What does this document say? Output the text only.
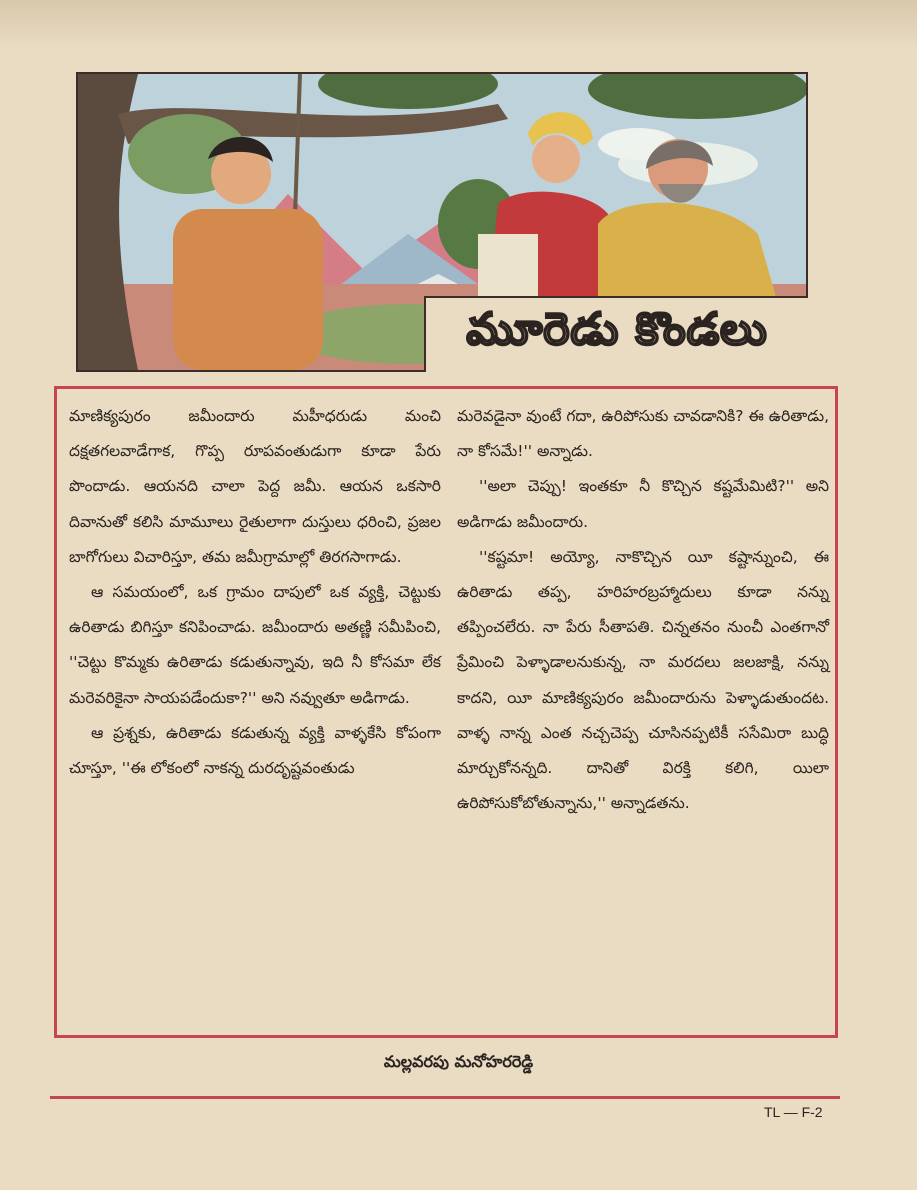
మూరెడు కొండలు

మాణిక్యపురం జమీందారు మహీధరుడు మంచి దక్షతగలవాడేగాక, గొప్ప రూపవంతుడుగా కూడా పేరు పొందాడు. ఆయనది చాలా పెద్ద జమీ. ఆయన ఒకసారి దివానుతో కలిసి మామూలు రైతులాగా దుస్తులు ధరించి, ప్రజల బాగోగులు విచారిస్తూ, తమ జమీగ్రామాల్లో తిరగసాగాడు.

ఆ సమయంలో, ఒక గ్రామం దాపులో ఒక వ్యక్తి, చెట్టుకు ఉరితాడు బిగిస్తూ కనిపించాడు. జమీందారు అతణ్ణి సమీపించి, ''చెట్టు కొమ్మకు ఉరితాడు కడుతున్నావు, ఇది నీ కోసమా లేక మరెవరికైనా సాయపడేందుకా?'' అని నవ్వుతూ అడిగాడు.

ఆ ప్రశ్నకు, ఉరితాడు కడుతున్న వ్యక్తి వాళ్ళకేసి కోపంగా చూస్తూ, ''ఈ లోకంలో నాకన్న దురదృష్టవంతుడు

మరెవడైనా వుంటే గదా, ఉరిపోసుకు చావడానికి? ఈ ఉరితాడు, నా కోసమే!'' అన్నాడు.

''అలా చెప్పు! ఇంతకూ నీ కొచ్చిన కష్టమేమిటి?'' అని అడిగాడు జమీందారు.

''కష్టమా! అయ్యో, నాకొచ్చిన యీ కష్టాన్నుంచి, ఈ ఉరితాడు తప్ప, హరిహరబ్రహ్మాదులు కూడా నన్ను తప్పించలేరు. నా పేరు సీతాపతి. చిన్నతనం నుంచీ ఎంతగానో ప్రేమించి పెళ్ళాడాలనుకున్న, నా మరదలు జలజాక్షి, నన్ను కాదని, యీ మాణిక్యపురం జమీందారును పెళ్ళాడుతుందట. వాళ్ళ నాన్న ఎంత నచ్చచెప్ప చూసినప్పటికీ ససేమిరా బుద్ధి మార్చుకోనన్నది. దానితో విరక్తి కలిగి, యిలా ఉరిపోసుకోబోతున్నాను,'' అన్నాడతను.

మల్లవరపు మనోహరరెడ్డి
TL — F-2
